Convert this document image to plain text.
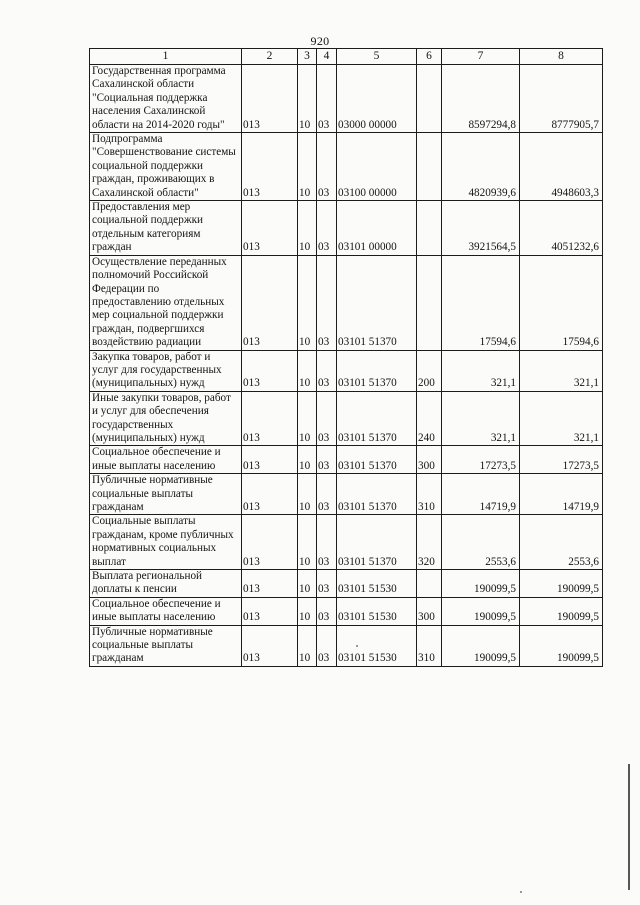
920
1	2	3	4	5	6	7	8
Государственная программа Сахалинской области "Социальная поддержка населения Сахалинской области на 2014-2020 годы"	013	10	03	03000 00000		8597294,8	8777905,7
Подпрограмма "Совершенствование системы социальной поддержки граждан, проживающих в Сахалинской области"	013	10	03	03100 00000		4820939,6	4948603,3
Предоставления мер социальной поддержки отдельным категориям граждан	013	10	03	03101 00000		3921564,5	4051232,6
Осуществление переданных полномочий Российской Федерации по предоставлению отдельных мер социальной поддержки граждан, подвергшихся воздействию радиации	013	10	03	03101 51370		17594,6	17594,6
Закупка товаров, работ и услуг для государственных (муниципальных) нужд	013	10	03	03101 51370	200	321,1	321,1
Иные закупки товаров, работ и услуг для обеспечения государственных (муниципальных) нужд	013	10	03	03101 51370	240	321,1	321,1
Социальное обеспечение и иные выплаты населению	013	10	03	03101 51370	300	17273,5	17273,5
Публичные нормативные социальные выплаты гражданам	013	10	03	03101 51370	310	14719,9	14719,9
Социальные выплаты гражданам, кроме публичных нормативных социальных выплат	013	10	03	03101 51370	320	2553,6	2553,6
Выплата региональной доплаты к пенсии	013	10	03	03101 51530		190099,5	190099,5
Социальное обеспечение и иные выплаты населению	013	10	03	03101 51530	300	190099,5	190099,5
Публичные нормативные социальные выплаты гражданам	013	10	03	03101 51530	310	190099,5	190099,5
